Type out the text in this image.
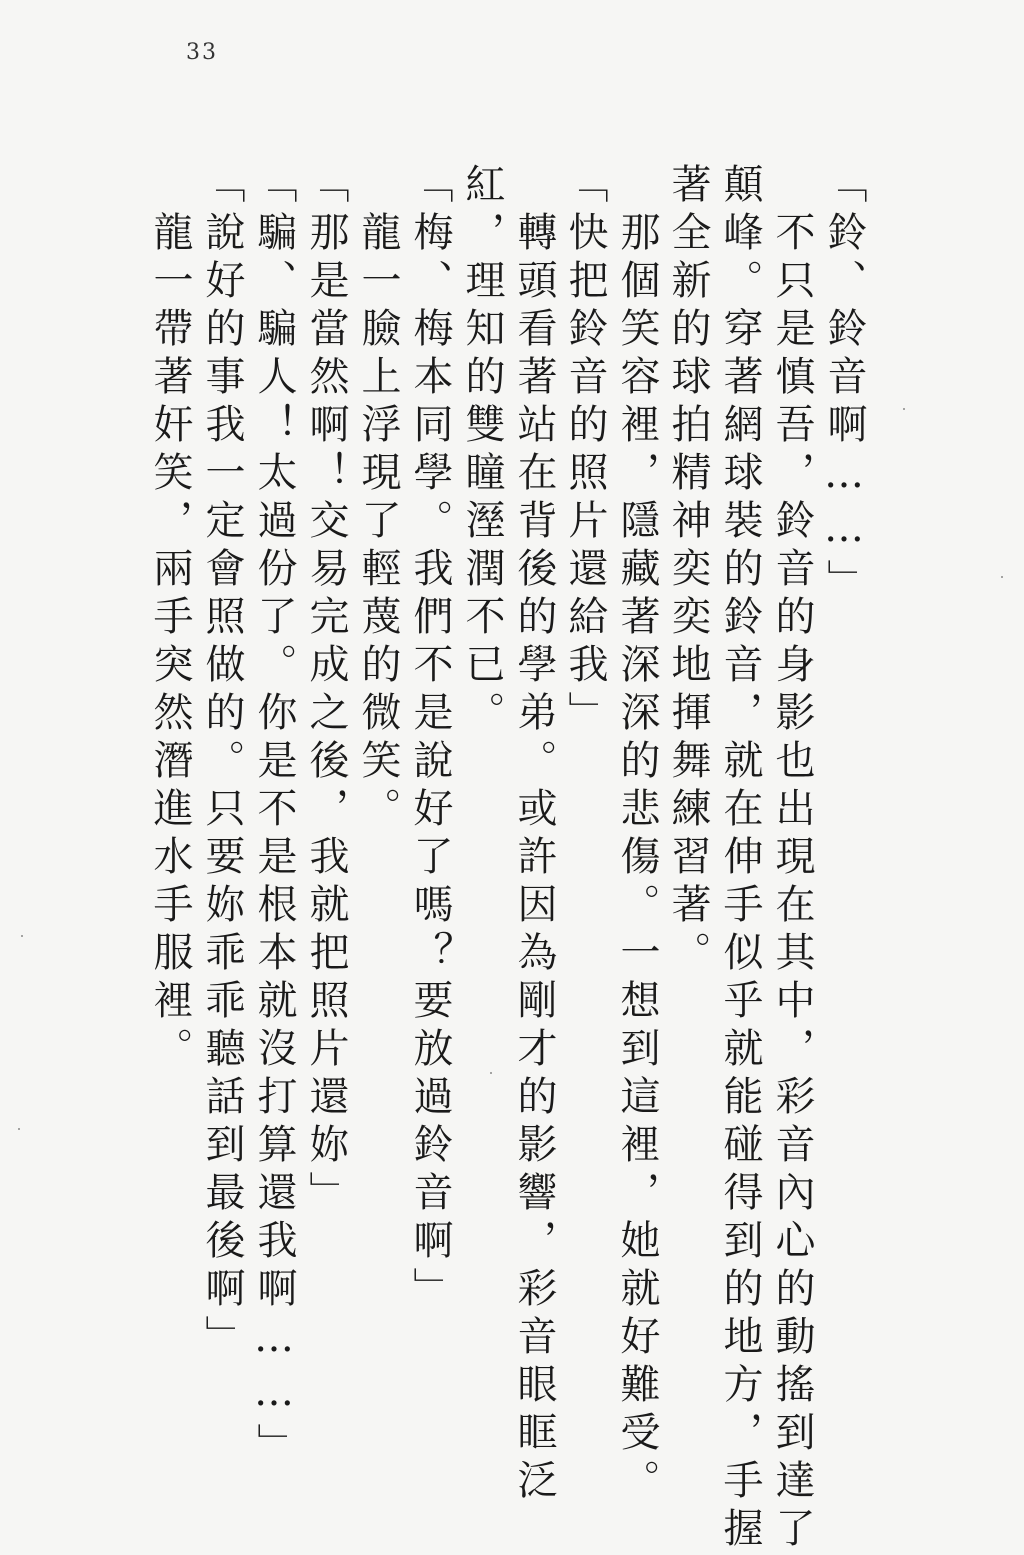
33
「鈴、鈴音啊……」
　不只是慎吾，鈴音的身影也出現在其中，彩音內心的動搖到達了
顛峰。穿著網球裝的鈴音，就在伸手似乎就能碰得到的地方，手握
著全新的球拍精神奕奕地揮舞練習著。
　那個笑容裡，隱藏著深深的悲傷。一想到這裡，她就好難受。
「快把鈴音的照片還給我」
　轉頭看著站在背後的學弟。或許因為剛才的影響，彩音眼眶泛
紅，理知的雙瞳溼潤不已。
「梅、梅本同學。我們不是說好了嗎？要放過鈴音啊」
　龍一臉上浮現了輕蔑的微笑。
「那是當然啊！交易完成之後，我就把照片還妳」
「騙、騙人！太過份了。你是不是根本就沒打算還我啊……」
「說好的事我一定會照做的。只要妳乖乖聽話到最後啊」
　龍一帶著奸笑，兩手突然潛進水手服裡。
